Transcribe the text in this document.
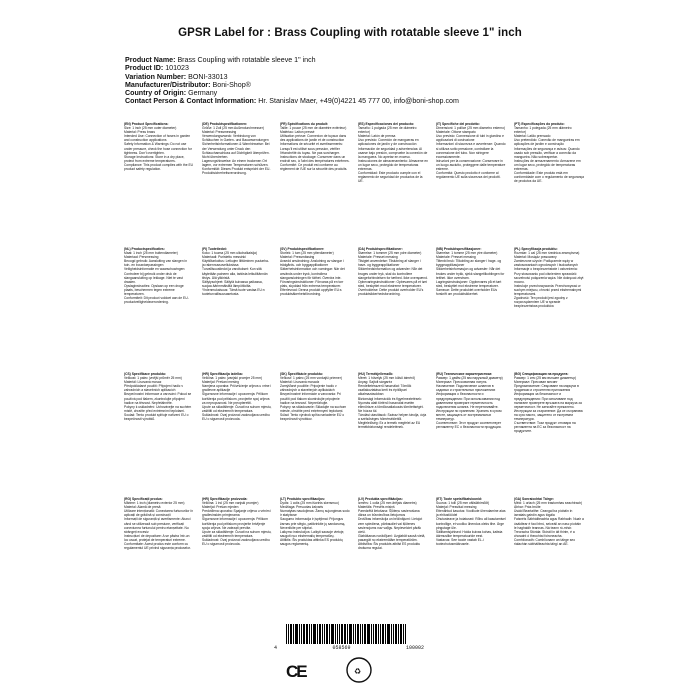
GPSR Label for : Brass Coupling with rotatable sleeve 1" inch
Product Name: Brass Coupling with rotatable sleeve 1" inch
Product ID: 101023
Variation Number: BONI-33013
Manufacturer/Distributor: Boni-Shop®
Country of Origin: Germany
Contact Person & Contact Information: Hr. Stanislav Maer, +49(0)4221 45 777 00, info@boni-shop.com
(EN) Product Specifications:
Size: 1 inch (25 mm outer diameter)
Material: Press brass
Intended Use: Connection of hoses in garden and construction applications
Safety Information & Warnings: Do not use under pressure, check the hose connection for tightness. Don't overtighten.
Storage Instructions: Store in a dry place, protect from extreme temperatures.
Compliance: This product complies with the EU product safety regulation.
(DE) Produktspezifikationen:
Größe: 1 Zoll (25 mm Außendurchmesser)
Material: Pressmessing
Verwendungszweck: Verbindung von Schläuchen in Garten- und Bauanwendungen
Sicherheitsinformationen & Warnhinweise: Bei der Verwendung unter Druck den Schlauchanschluss auf Dichtigkeit überprüfen. Nicht überdrehen.
Lagerungshinweise: An einem trockenen Ort lagern, vor extremen Temperaturen schützen.
Konformität: Dieses Produkt entspricht der EU-Produktsicherheitsverordnung.
(FR) Spécifications du produit:
Taille: 1 pouce (25 mm de diamètre extérieur)
Matériau: Laiton pressé
Utilisation prévue: Connexion de tuyaux dans des applications de jardin et de construction
Informations de sécurité et avertissements: Lorsqu'il est utilisé sous pression, vérifier l'étanchéité du tuyau. Ne pas surcharger.
Instructions de stockage: Conserver dans un endroit sec, à l'abri des températures extrêmes.
Conformité: Ce produit est conforme au règlement de l'UE sur la sécurité des produits.
(ES) Especificaciones del producto:
Tamaño: 1 pulgada (25 mm de diámetro exterior)
Material: Latón de prensa
Uso previsto: Conexión de mangueras en aplicaciones de jardín y de construcción
Información de seguridad y advertencias: Al usarse bajo presión, compruebe la conexión de la manguera. No apretar en exceso.
Instrucciones de almacenamiento: Almacene en un lugar seco, protegido de temperaturas extremas.
Conformidad: Este producto cumple con el reglamento de seguridad de productos de la UE.
(IT) Specifiche del prodotto:
Dimensioni: 1 pollice (25 mm diametro esterno)
Materiale: Ottone stampato
Uso previsto: Connessione di tubi in giardino e applicazioni di costruzione
Informazioni di sicurezza e avvertenze: Quando si utilizza sotto pressione, controllare la connessione del tubo. Non stringere eccessivamente.
Istruzioni per la conservazione: Conservare in un luogo asciutto, proteggere dalle temperature estreme.
Conformità: Questo prodotto è conforme al regolamento UE sulla sicurezza dei prodotti.
(PT) Especificações do produto:
Tamanho: 1 polegada (25 mm diâmetro exterior)
Material: Latão prensado
Uso pretendido: Conexão de mangueiras em aplicações de jardim e construção
Informações de segurança e avisos: Quando usado sob pressão, verificar a conexão da mangueira. Não sobreapertar.
Instruções de armazenamento: Armazene em um lugar seco, protegido de temperaturas extremas.
Conformidade: Este produto está em conformidade com o regulamento de segurança de produtos da UE.
(NL) Productspecificaties:
Maat: 1 inch (25 mm buitendiameter)
Materiaal: Persmessing
Beoogd gebruik: Aansluiting van slangen in tuin- en bouwtoepassingen
Veiligheidsinformatie en waarschuwingen: Controleer bij gebruik onder druk de slangaansluiting op lekkage. Niet te vast draaien.
Opslaginstructies: Opslaan op een droge plaats, beschermen tegen extreme temperaturen.
Conformiteit: Dit product voldoet aan de EU-productveiligheidsverordening.
(FI) Tuotetiedot:
Koko: 1 tuuma (25 mm ulkohalkaisija)
Materiaali: Puristettu messinki
Käyttötarkoitus: Letkujen liittäminen puutarha- ja rakennussovelluksissa
Turvallisuustiedot ja varoitukset: Kun sitä käytetään paineen alla, tarkista letkuliitännän tiiviys. Älä ylikiristä.
Säilytysohjeet: Säilytä kuivassa paikassa, suojaa äärimmäisiltä lämpötiloilta.
Yhdenmukaisuus: Tämä tuote vastaa EU:n tuoteturvallisuusasetusta.
(SV) Produktspecifikationer:
Storlek: 1 tum (25 mm ytterdiameter)
Material: Pressmässing
Avsedd användning: Anslutning av slangar i trädgårds- och byggapplikationer
Säkerhetsinformation och varningar: När det används under tryck, kontrollera slanganslutningen för täthet. Överdra inte.
Förvaringsinstruktioner: Förvaras på en torr plats, skyddad från extrema temperaturer.
Efterlevnad: Denna produkt uppfyller EU:s produktsäkerhetsförordning.
(DA) Produktspecifikationer:
Størrelse: 1 tommer (25 mm ydre diameter)
Materiale: Presset messing
Tilsigtet anvendelse: Tilslutning af slanger i have- og byggeapplikationer
Sikkerhedsinformation og advarsler: Når det bruges under tryk, skal du kontrollere slangeforbindelsen for tæthed. Ikke overspænd.
Opbevaringsinstruktioner: Opbevares på et tørt sted, beskyttet mod ekstreme temperaturer.
Overholdelse: Dette produkt overholder EU's produktsikkerhedsforordning.
(NB) Produktspesifikasjoner:
Størrelse: 1 tomme (25 mm ytre diameter)
Materiale: Presset messing
Tiltenkt bruk: Tilkobling av slanger i hage- og byggeapplikasjoner
Sikkerhetsinformasjon og advarsler: Når det brukes under trykk, sjekk slangetilkoblingen for tetthet. Ikke overstram.
Lagringsinstruksjoner: Oppbevares på et tørt sted, beskyttet mot ekstreme temperaturer.
Samsvar: Dette produktet overholder EUs forskrift om produktsikkerhet.
(PL) Specyfikacja produktu:
Rozmiar: 1 cal (25 mm średnica zewnętrzna)
Materiał: Mosiądz prasowany
Zamierzone użycie: Podłączenie węży w zastosowaniach ogrodowych i budowlanych
Informacje o bezpieczeństwie i ostrzeżenia: Przy stosowaniu pod ciśnieniem sprawdzić szczelność połączenia węża. Nie dokręcać zbyt mocno.
Instrukcje przechowywania: Przechowywać w suchym miejscu, chronić przed ekstremalnymi temperaturami.
Zgodność: Ten produkt jest zgodny z rozporządzeniem UE w sprawie bezpieczeństwa produktów.
(CS) Specifikace produktu:
Velikost: 1 palec (vnější průměr 25 mm)
Materiál: Lisovaná mosaz
Předpokládané použití: Připojení hadic v zahradních a stavebních aplikacích
Bezpečnostní informace a varování: Pokud se používá pod tlakem, zkontrolujte připojení hadice na těsnost. Nepřetáhněte.
Pokyny k uskladnění: Uchovávejte na suchém místě, chraňte před extrémními teplotami.
Soulad: Tento produkt splňuje nařízení EU o bezpečnosti výrobků.
(HR) Specifikacija izdelka:
Veličina: 1 palec (vanjski promjer 25 mm)
Materijal: Prešani mesing
Namjena uporaba: Pričvršćenje crijeva u vrtne i građevne aplikacije
Sigurnosne informacije i upozorenja: Prilikom korištenja pod pritiskom, provjerite spoj crijeva za nepropusnost. Ne preopteretiti.
Upute za skladištenje: Čuvati na suhom mjestu, zaštititi od ekstremnih temperatura.
Sukladnost: Ovaj proizvod zadovoljava uredbu EU o sigurnosti proizvoda.
(SK) Špecifikácie produktu:
Veľkosť: 1 palec (25 mm vonkajší priemer)
Materiál: Lisovaná mosadz
Zamýšľané použitie: Pripojenie hadíc v záhradných a stavebných aplikáciách
Bezpečnostné informácie a varovania: Pri použití pod tlakom skontrolujte pripojenie hadice na tesnosť. Nepreťahujte.
Pokyny na skladovanie: Skladujte na suchom mieste, chráňte pred extrémnymi teplotami.
Súlad: Tento výrobok spĺňa nariadenie EÚ o bezpečnosti výrobkov.
(HU) Termékjellemzők:
Méret: 1 hüvelyk (25 mm külső átmérő)
Anyag: Sajtolt sárgaréz
Rendeltetésszerű használat: Tömlők csatlakoztatása kerti és építőipari alkalmazásokban
Biztonsági információk és figyelmeztetések: Nyomás alatt történő használat esetén ellenőrizze a tömlőcsatlakozás tömítettségét. Ne húzza túl.
Tárolási utasítások: Száraz helyen tárolja, óvja a szélsőséges hőmérséklettől.
Megfelelőség: Ez a termék megfelel az EU termékbiztonsági rendeletének.
(RU) Технические характеристики:
Размер: 1 дюйм (25 мм наружный диаметр)
Материал: Прессованная латунь
Назначение: Подключение шлангов в садовых и строительных приложениях
Информация о безопасности и предупреждения: При использовании под давлением проверьте герметичность подключения шланга. Не перетягивайте.
Инструкции по хранению: Хранить в сухом месте, защищать от экстремальных температур.
Соответствие: Этот продукт соответствует регламенту ЕС о безопасности продукции.
(BG) Спецификация на продукта:
Размер: 1 инч (25 мм външен диаметър)
Материал: Пресован месинг
Предназначение: Свързване на маркучи в градински и строителни приложения
Информация за безопасност и предупреждения: При използване под налягане проверете връзката на маркуча за херметичност. Не затягайте прекалено.
Инструкции за съхранение: Да се съхранява на сухо място, защитено от екстремни температури.
Съответствие: Този продукт отговаря на регламента на ЕС за безопасност на продуктите.
(RO) Specificații produs:
Mărime: 1 inch (diametru exterior 25 mm)
Material: Alamă de presă
Utilizare intenționată: Conectarea furtunurilor în aplicații de grădină și construcții
Informații de siguranță și avertismente: Atunci când se utilizează sub presiune, verificați conexiunea furtunului pentru etanșeitate. Nu strângeți excesiv.
Instrucțiuni de depozitare: A se păstra într-un loc uscat, protejat de temperaturi extreme.
Conformitate: Acest produs este conform cu regulamentul UE privind siguranța produselor.
(HR) Specifikacije proizvoda:
Veličina: 1 inč (25 mm vanjski promjer)
Materijal: Prešan mjeden
Predviđena uporaba: Spajanje crijeva u vrtnim i građevinskim primjenama
Sigurnosne informacije i upozorenja: Prilikom korištenja pod pritiskom provjerite brtvljenje spoja crijeva. Ne zatezati previše.
Upute za skladištenje: Čuvati na suhom mjestu, zaštititi od ekstremnih temperatura.
Sukladnost: Ovaj proizvod zadovoljava uredbu EU o sigurnosti proizvoda.
(LT) Produkto specifikacijos:
Dydis: 1 colis (25 mm išorinis skersmuo)
Medžiaga: Presuotas žalvaris
Numatytas naudojimas: Žarnų sujungimas sodo ir statybose
Saugumo informacija ir įspėjimai: Prijungus žarnas prie slėgio, patikrinkite jų sandarumą. Neveržkite per stipriai.
Laikymo instrukcijos: Laikyti sausoje vietoje, saugoti nuo ekstremalių temperatūrų.
Atitiktis: Šis produktas atitinka ES produktų saugos reglamentą.
(LV) Produkta specifikācijas:
Izmērs: 1 colla (25 mm ārējais diametrs)
Materiāls: Presēts misiņš
Paredzētā lietošana: Šļūteņu savienošana dārza un būvniecības lietojumos
Drošības informācija un brīdinājumi: Lietojot zem spiediena, pārbaudiet vai šļūtenes savienojums nav vaļīgs. Nepievelciet pārāk cieši.
Glabāšanas norādījumi: Uzglabāt sausā vietā, pasargāt no ekstremālām temperatūrām.
Atbilstība: Šis produkts atbilst ES produktu drošuma regulai.
(ET) Toote spetsifikatsioonid:
Suurus: 1 tolli (25 mm välisläbimõõt)
Materjal: Pressitud messing
Ettenähtud kasutus: Voolikute ühendamine aias ja ehitustöödel
Ohutusteave ja hoiatused: Rõhu all kasutamisel kontrollige, et vooliku ühendus oleks tihe. Ärge pingutage üle.
Säilitamisjuhised: Hoida kuivas kohas, kaitsta äärmuslike temperatuuride eest.
Vastavus: See toode vastab EL-i tooteohutusmäärusele.
(GA) Sonraíochtaí Táirge:
Méid: 1 orlach (25 mm trastomhas seachtrach)
Ábhar: Prás brúite
Úsáid Beartaithe: Ceangal ba píobáin in iarratais gairdín agus tógála
Faisnéis Sábháilteachta agus Rabhadh: Nuair a úsáidtear é faoi bhrú, seiceáil an nasc píobáin le haghaidh teannas. Ná teann ró-mhór.
Treoracha Stórála: Stóráil in áit thirim, é a chosaint ó theochtaí foircneacha.
Comhlíonadh: Comhlíonann an táirge seo rialachán sábháilteachta táirgí an AE.
4	058569	100002
CE	♻
